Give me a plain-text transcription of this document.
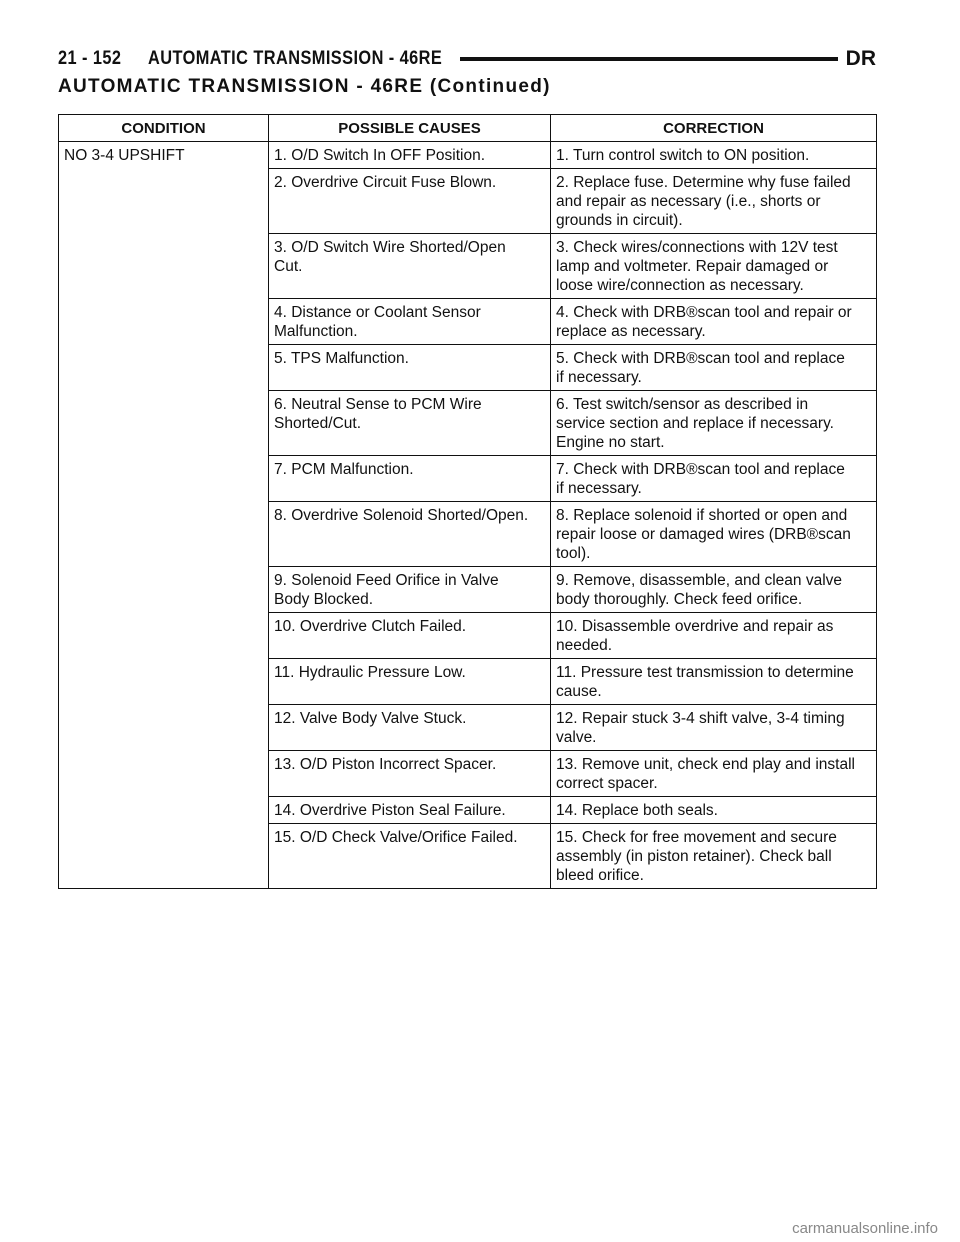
21 - 152 AUTOMATIC TRANSMISSION - 46RE	DR
AUTOMATIC TRANSMISSION - 46RE (Continued)
CONDITION	POSSIBLE CAUSES	CORRECTION
NO 3-4 UPSHIFT	1. O/D Switch In OFF Position.	1. Turn control switch to ON position.

	2. Overdrive Circuit Fuse Blown.	2. Replace fuse. Determine why fuse failed
and repair as necessary (i.e., shorts or
grounds in circuit).

	3. O/D Switch Wire Shorted/Open
Cut.	3. Check wires/connections with 12V test
lamp and voltmeter. Repair damaged or
loose wire/connection as necessary.

	4. Distance or Coolant Sensor
Malfunction.	4. Check with DRB®scan tool and repair or
replace as necessary.

	5. TPS Malfunction.	5. Check with DRB®scan tool and replace
if necessary.

	6. Neutral Sense to PCM Wire
Shorted/Cut.	6. Test switch/sensor as described in
service section and replace if necessary.
Engine no start.

	7. PCM Malfunction.	7. Check with DRB®scan tool and replace
if necessary.

	8. Overdrive Solenoid Shorted/Open.	8. Replace solenoid if shorted or open and
repair loose or damaged wires (DRB®scan
tool).

	9. Solenoid Feed Orifice in Valve
Body Blocked.	9. Remove, disassemble, and clean valve
body thoroughly. Check feed orifice.

	10. Overdrive Clutch Failed.	10. Disassemble overdrive and repair as
needed.

	11. Hydraulic Pressure Low.	11. Pressure test transmission to determine
cause.

	12. Valve Body Valve Stuck.	12. Repair stuck 3-4 shift valve, 3-4 timing
valve.

	13. O/D Piston Incorrect Spacer.	13. Remove unit, check end play and install
correct spacer.

	14. Overdrive Piston Seal Failure.	14. Replace both seals.

	15. O/D Check Valve/Orifice Failed.	15. Check for free movement and secure
assembly (in piston retainer). Check ball
bleed orifice.
carmanualsonline.info
